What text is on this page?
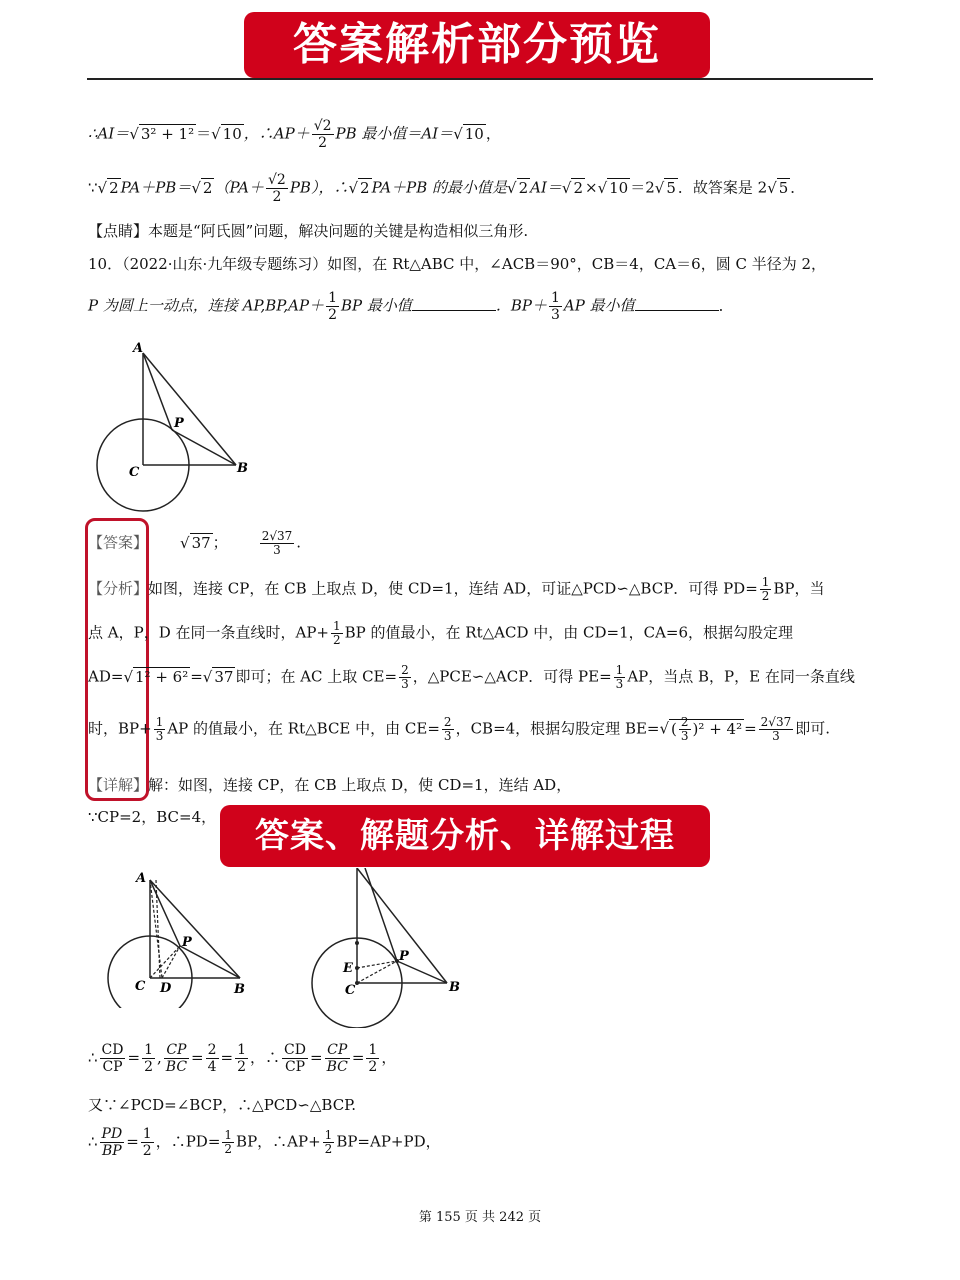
答案解析部分预览
∴AI＝√ 3² + 1² ＝√ 10 ，∴AP＋ $\frac{√2}{2}$ PB 最小值＝AI＝√ 10 ，
∵√ 2 PA＋PB＝√ 2 $(PA+ \frac{√2}{2} PB)$，∴√ 2 PA＋PB 的最小值是√ 2 AI＝√ 2 ×√ 10 ＝2√ 5 ．故答案是 2√ 5 ．
【点睛】本题是“阿氏圆”问题，解决问题的关键是构造相似三角形.
10．（2022·山东·九年级专题练习）如图，在 Rt△ABC 中，∠ACB＝90°，CB＝4，CA＝6，圆 C 半径为 2，
P 为圆上一动点，连接 $AP,BP,AP+ \frac{1}{2}$ BP 最小值	．$BP+ \frac{1}{3}$ AP 最小值	．
A
P
C	B
【答案】 √ 37 ；	$\frac{2√37}{3}$ .
【分析】如图，连接 CP，在 CB 上取点 D，使 CD=1，连结 AD，可证△PCD∽△BCP．可得 $PD= \frac{1}{2}$ BP，当
点 A，P，D 在同一条直线时，$AP+ \frac{1}{2}$ BP 的值最小，在 Rt△ACD 中，由 CD=1，CA=6，根据勾股定理
AD=√ 1² + 6² =√ 37 即可；在 AC 上取 $CE= \frac{2}{3}$ ，△PCE∽△ACP．可得 $PE= \frac{1}{3}$ AP，当点 B，P，E 在同一条直线
时，$BP+ \frac{1}{3}$ AP 的值最小，在 Rt△BCE 中，由 $CE= \frac{2}{3}$ ，CB=4，根据勾股定理 BE=√ ( $\frac{2}{3} )^2 + 4^2 = \frac{2√37}{3}$ 即可.
【详解】解：如图，连接 CP，在 CB 上取点 D，使 CD=1，连结 AD，
∵CP=2，BC=4，	答案、解题分析、详解过程
A
P
C D	B
E
P
C	B
∴ $\frac{CD}{CP} = \frac{1}{2}$ , $\frac{CP}{BC} = \frac{2}{4} = \frac{1}{2}$ ，∴ $\frac{CD}{CP} = \frac{CP}{BC} = \frac{1}{2}$ ，
又∵∠PCD=∠BCP，∴△PCD∽△BCP.
∴ $\frac{PD}{BP} = \frac{1}{2}$ ，∴PD= $\frac{1}{2}$ BP，∴AP+ $\frac{1}{2} BP=AP+PD$，
第 155 页 共 242 页
